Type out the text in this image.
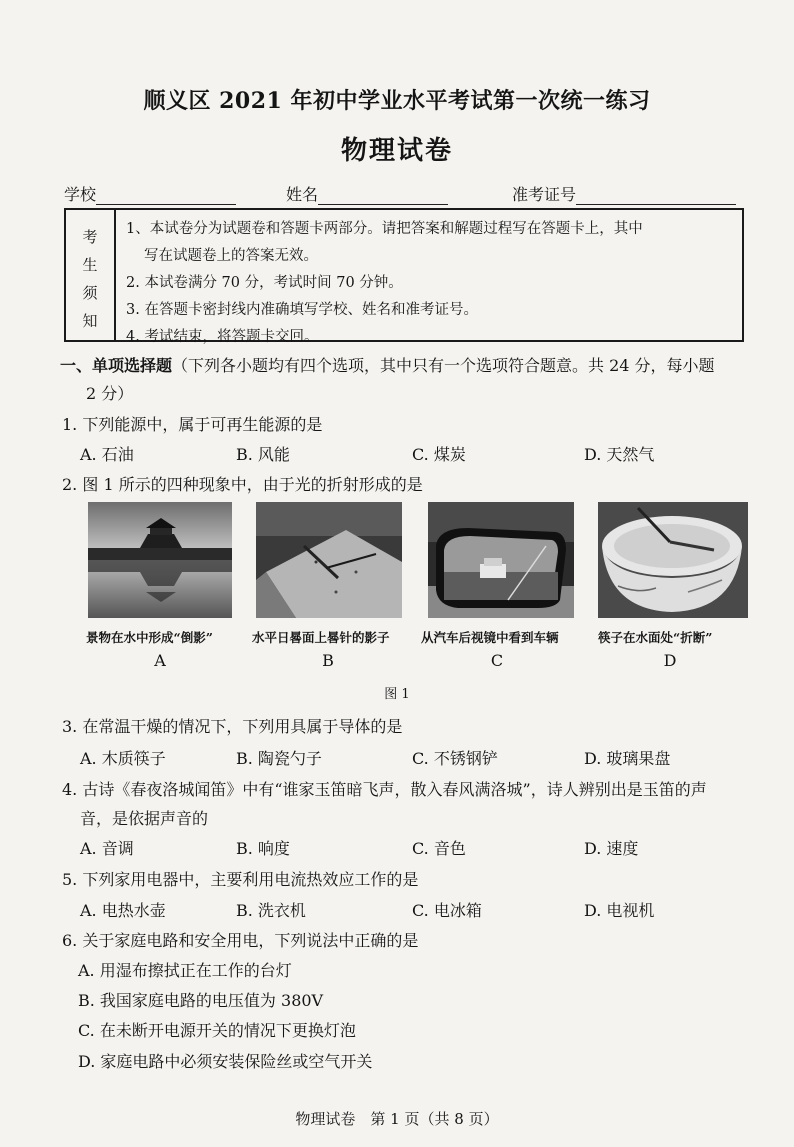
顺义区 2021 年初中学业水平考试第一次统一练习
物理试卷
学校	姓名	准考证号
考
生
须
知
1、本试卷分为试题卷和答题卡两部分。请把答案和解题过程写在答题卡上，其中
写在试题卷上的答案无效。
2. 本试卷满分 70 分，考试时间 70 分钟。
3. 在答题卡密封线内准确填写学校、姓名和准考证号。
4. 考试结束，将答题卡交回。
一、单项选择题（下列各小题均有四个选项，其中只有一个选项符合题意。共 24 分，每小题
2 分）
1. 下列能源中，属于可再生能源的是
A. 石油	B. 风能	C. 煤炭	D. 天然气
2. 图 1 所示的四种现象中，由于光的折射形成的是
景物在水中形成“倒影”	水平日晷面上晷针的影子	从汽车后视镜中看到车辆	筷子在水面处“折断”
A	B	C	D
图 1
3. 在常温干燥的情况下，下列用具属于导体的是
A. 木质筷子	B. 陶瓷勺子	C. 不锈钢铲	D. 玻璃果盘
4. 古诗《春夜洛城闻笛》中有“谁家玉笛暗飞声，散入春风满洛城”，诗人辨别出是玉笛的声
音，是依据声音的
A. 音调	B. 响度	C. 音色	D. 速度
5. 下列家用电器中，主要利用电流热效应工作的是
A. 电热水壶	B. 洗衣机	C. 电冰箱	D. 电视机
6. 关于家庭电路和安全用电，下列说法中正确的是
A. 用湿布擦拭正在工作的台灯
B. 我国家庭电路的电压值为 380V
C. 在未断开电源开关的情况下更换灯泡
D. 家庭电路中必须安装保险丝或空气开关
物理试卷　第 1 页（共 8 页）
